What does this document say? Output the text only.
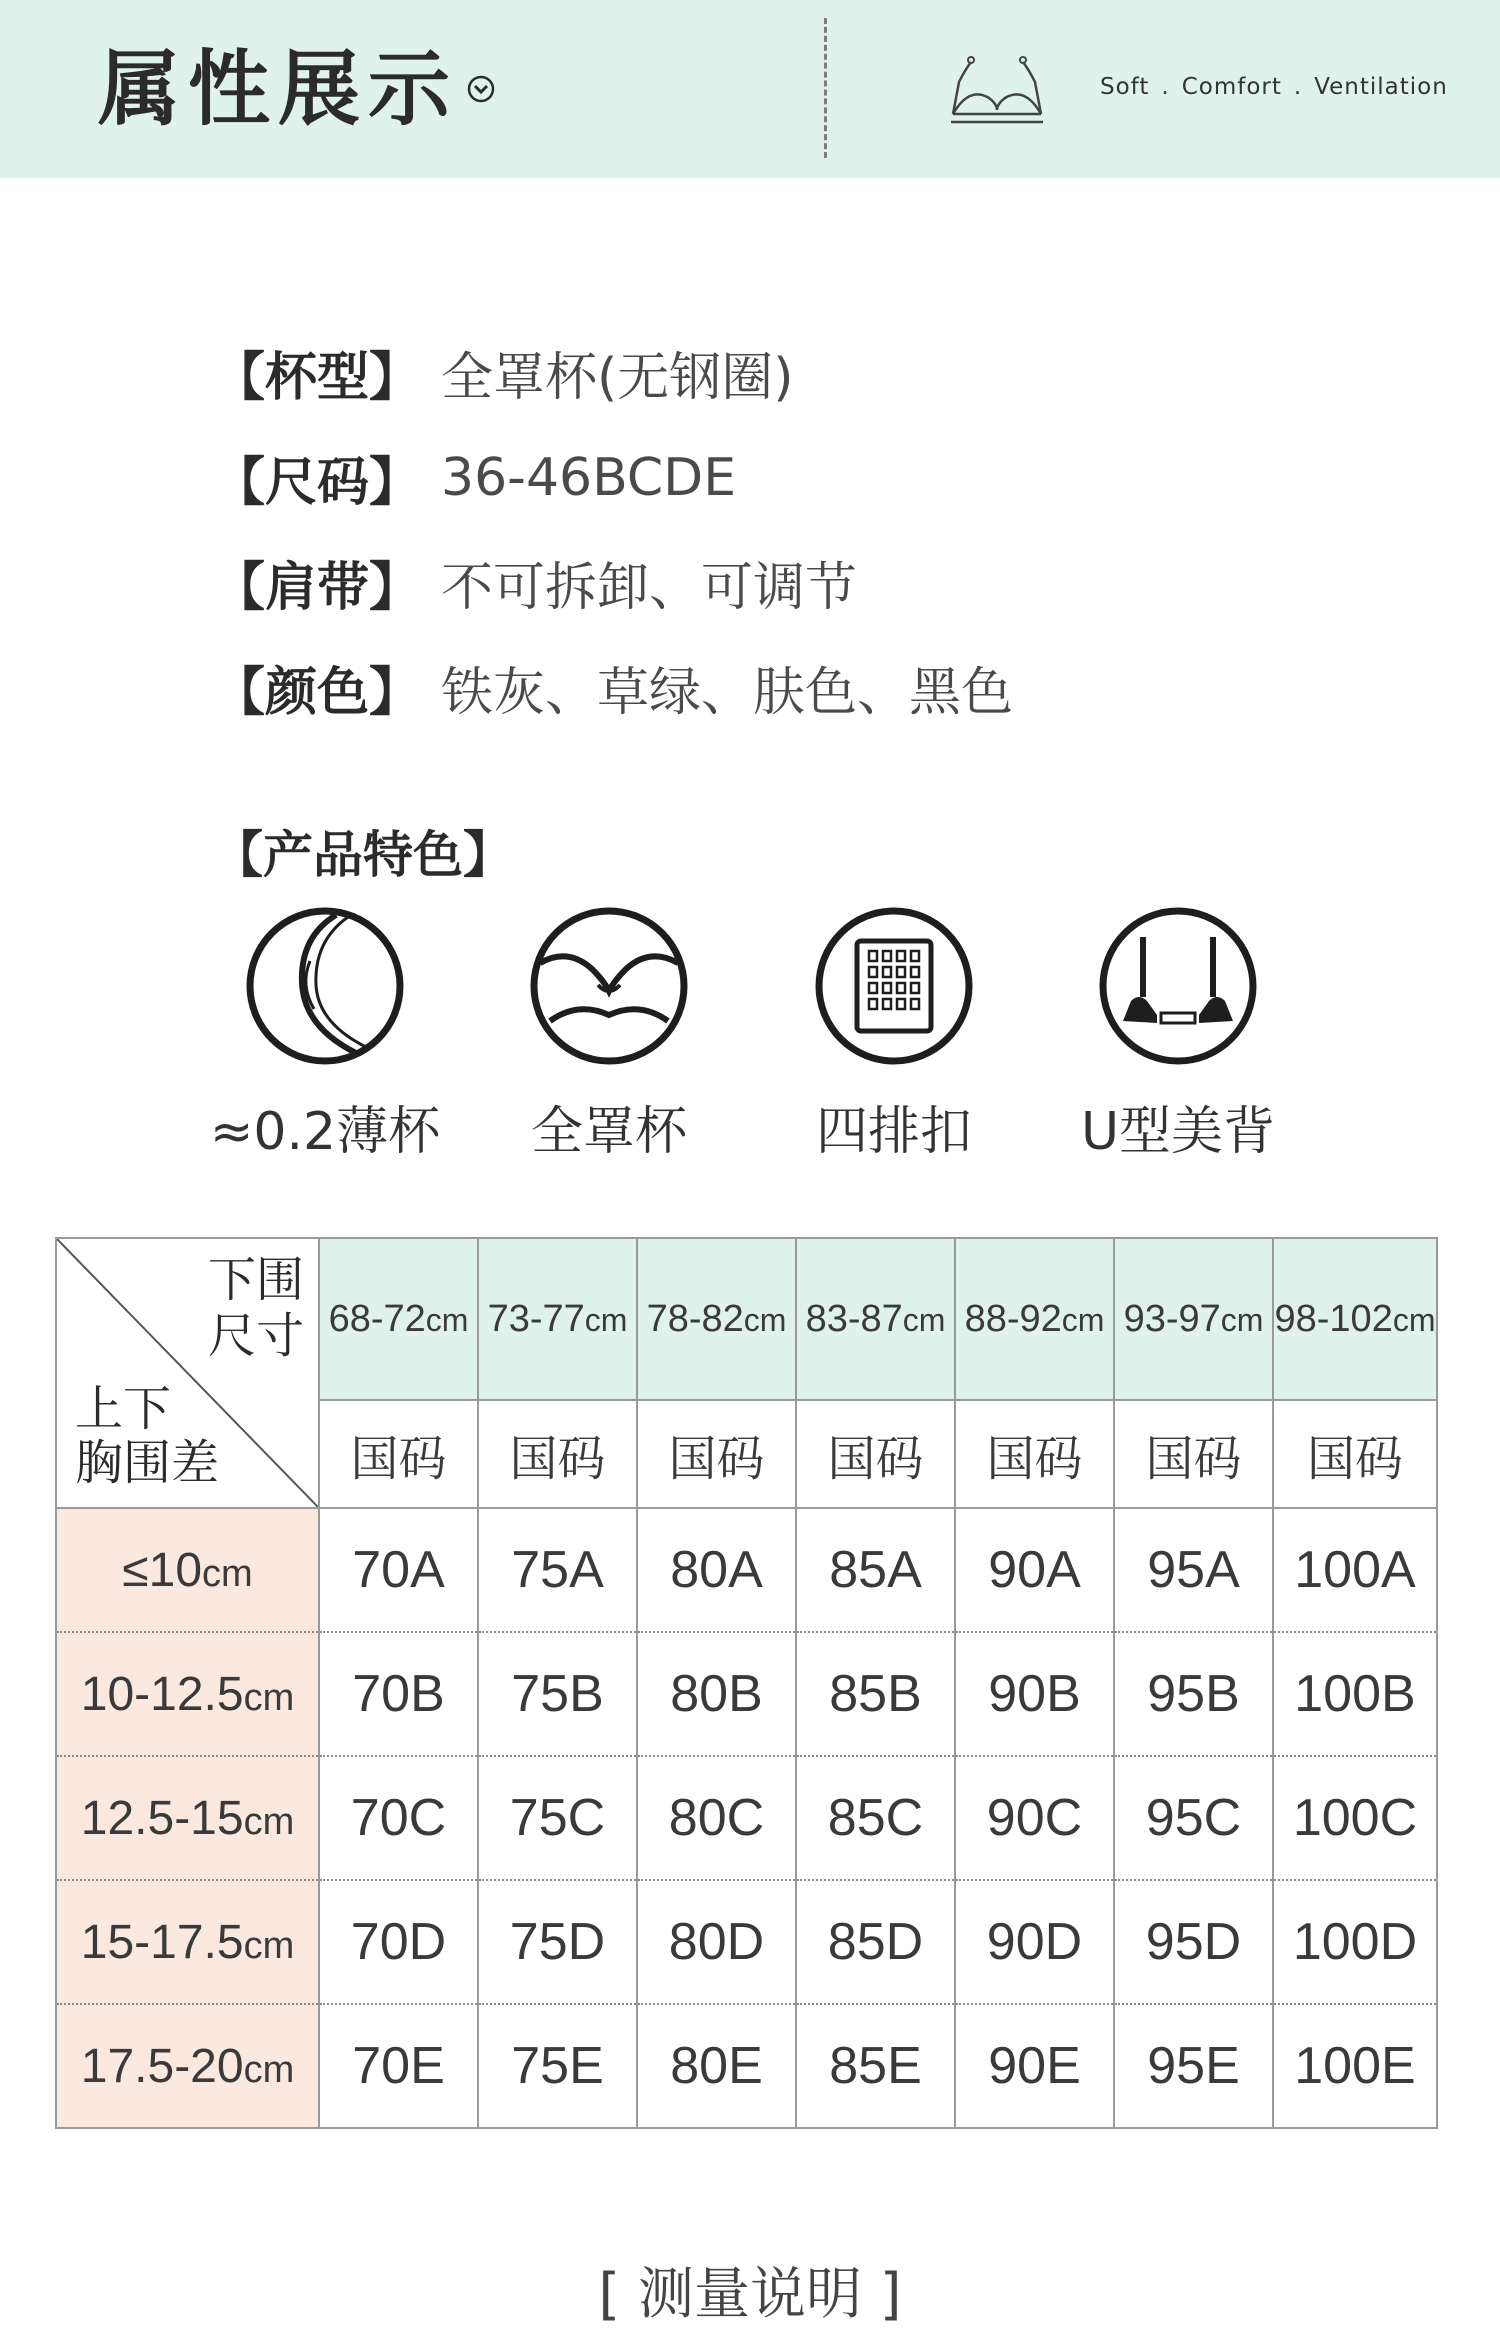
属性展示	Soft . Comfort . Ventilation
【杯型】 全罩杯(无钢圈)
【尺码】 36-46BCDE
【肩带】 不可拆卸、可调节
【颜色】 铁灰、草绿、肤色、黑色
【产品特色】
≈0.2薄杯	全罩杯	四排扣	U型美背
下围
尺寸
上下
胸围差	68-72cm	73-77cm	78-82cm	83-87cm	88-92cm	93-97cm	98-102cm
	国码	国码	国码	国码	国码	国码	国码
≤10cm	70A	75A	80A	85A	90A	95A	100A
10-12.5cm	70B	75B	80B	85B	90B	95B	100B
12.5-15cm	70C	75C	80C	85C	90C	95C	100C
15-17.5cm	70D	75D	80D	85D	90D	95D	100D
17.5-20cm	70E	75E	80E	85E	90E	95E	100E
[ 测量说明 ]
